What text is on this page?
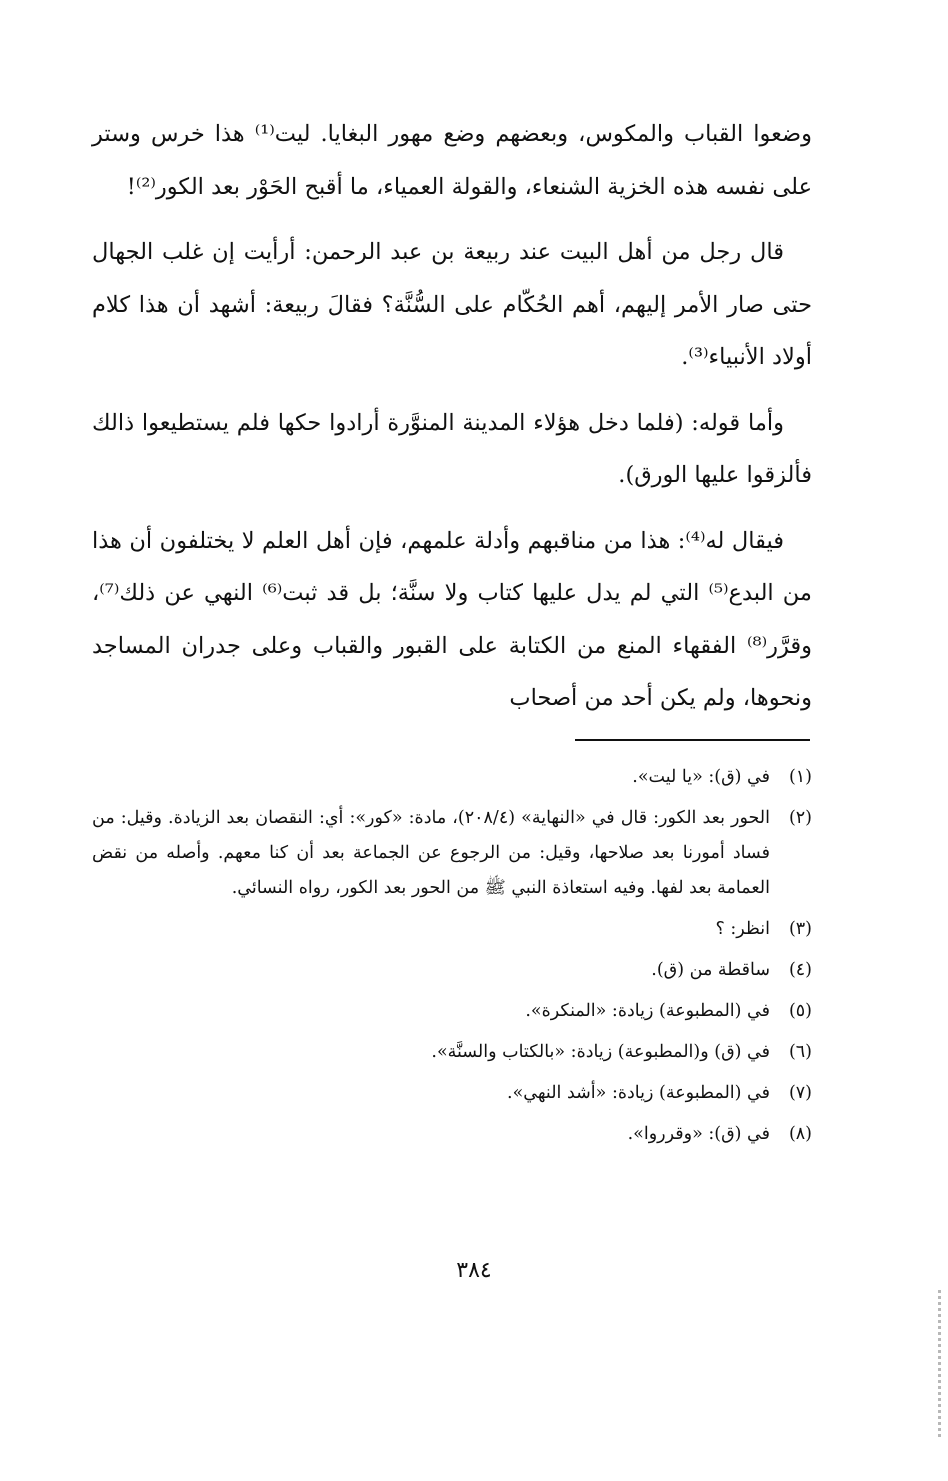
وضعوا القباب والمكوس، وبعضهم وضع مهور البغايا. ليت⁽¹⁾ هذا خرس وستر على نفسه هذه الخزية الشنعاء، والقولة العمياء، ما أقبح الحَوْر بعد الكور⁽²⁾!

قال رجل من أهل البيت عند ربيعة بن عبد الرحمن: أرأيت إن غلب الجهال حتى صار الأمر إليهم، أهم الحُكّام على السُّنَّة؟ فقالَ ربيعة: أشهد أن هذا كلام أولاد الأنبياء⁽³⁾.

وأما قوله: (فلما دخل هؤلاء المدينة المنوَّرة أرادوا حكها فلم يستطيعوا ذالك فألزقوا عليها الورق).

فيقال له⁽⁴⁾: هذا من مناقبهم وأدلة علمهم، فإن أهل العلم لا يختلفون أن هذا من البدع⁽⁵⁾ التي لم يدل عليها كتاب ولا سنَّة؛ بل قد ثبت⁽⁶⁾ النهي عن ذلك⁽⁷⁾، وقرَّر⁽⁸⁾ الفقهاء المنع من الكتابة على القبور والقباب وعلى جدران المساجد ونحوها، ولم يكن أحد من أصحاب

(١)
في (ق): «يا ليت».
(٢)
الحور بعد الكور: قال في «النهاية» (٢٠٨/٤)، مادة: «كور»: أي: النقصان بعد الزيادة. وقيل: من فساد أمورنا بعد صلاحها، وقيل: من الرجوع عن الجماعة بعد أن كنا معهم. وأصله من نقض العمامة بعد لفها. وفيه استعاذة النبي ﷺ من الحور بعد الكور، رواه النسائي.
(٣)
انظر: ؟
(٤)
ساقطة من (ق).
(٥)
في (المطبوعة) زيادة: «المنكرة».
(٦)
في (ق) و(المطبوعة) زيادة: «بالكتاب والسنَّة».
(٧)
في (المطبوعة) زيادة: «أشد النهي».
(٨)
في (ق): «وقرروا».
٣٨٤
